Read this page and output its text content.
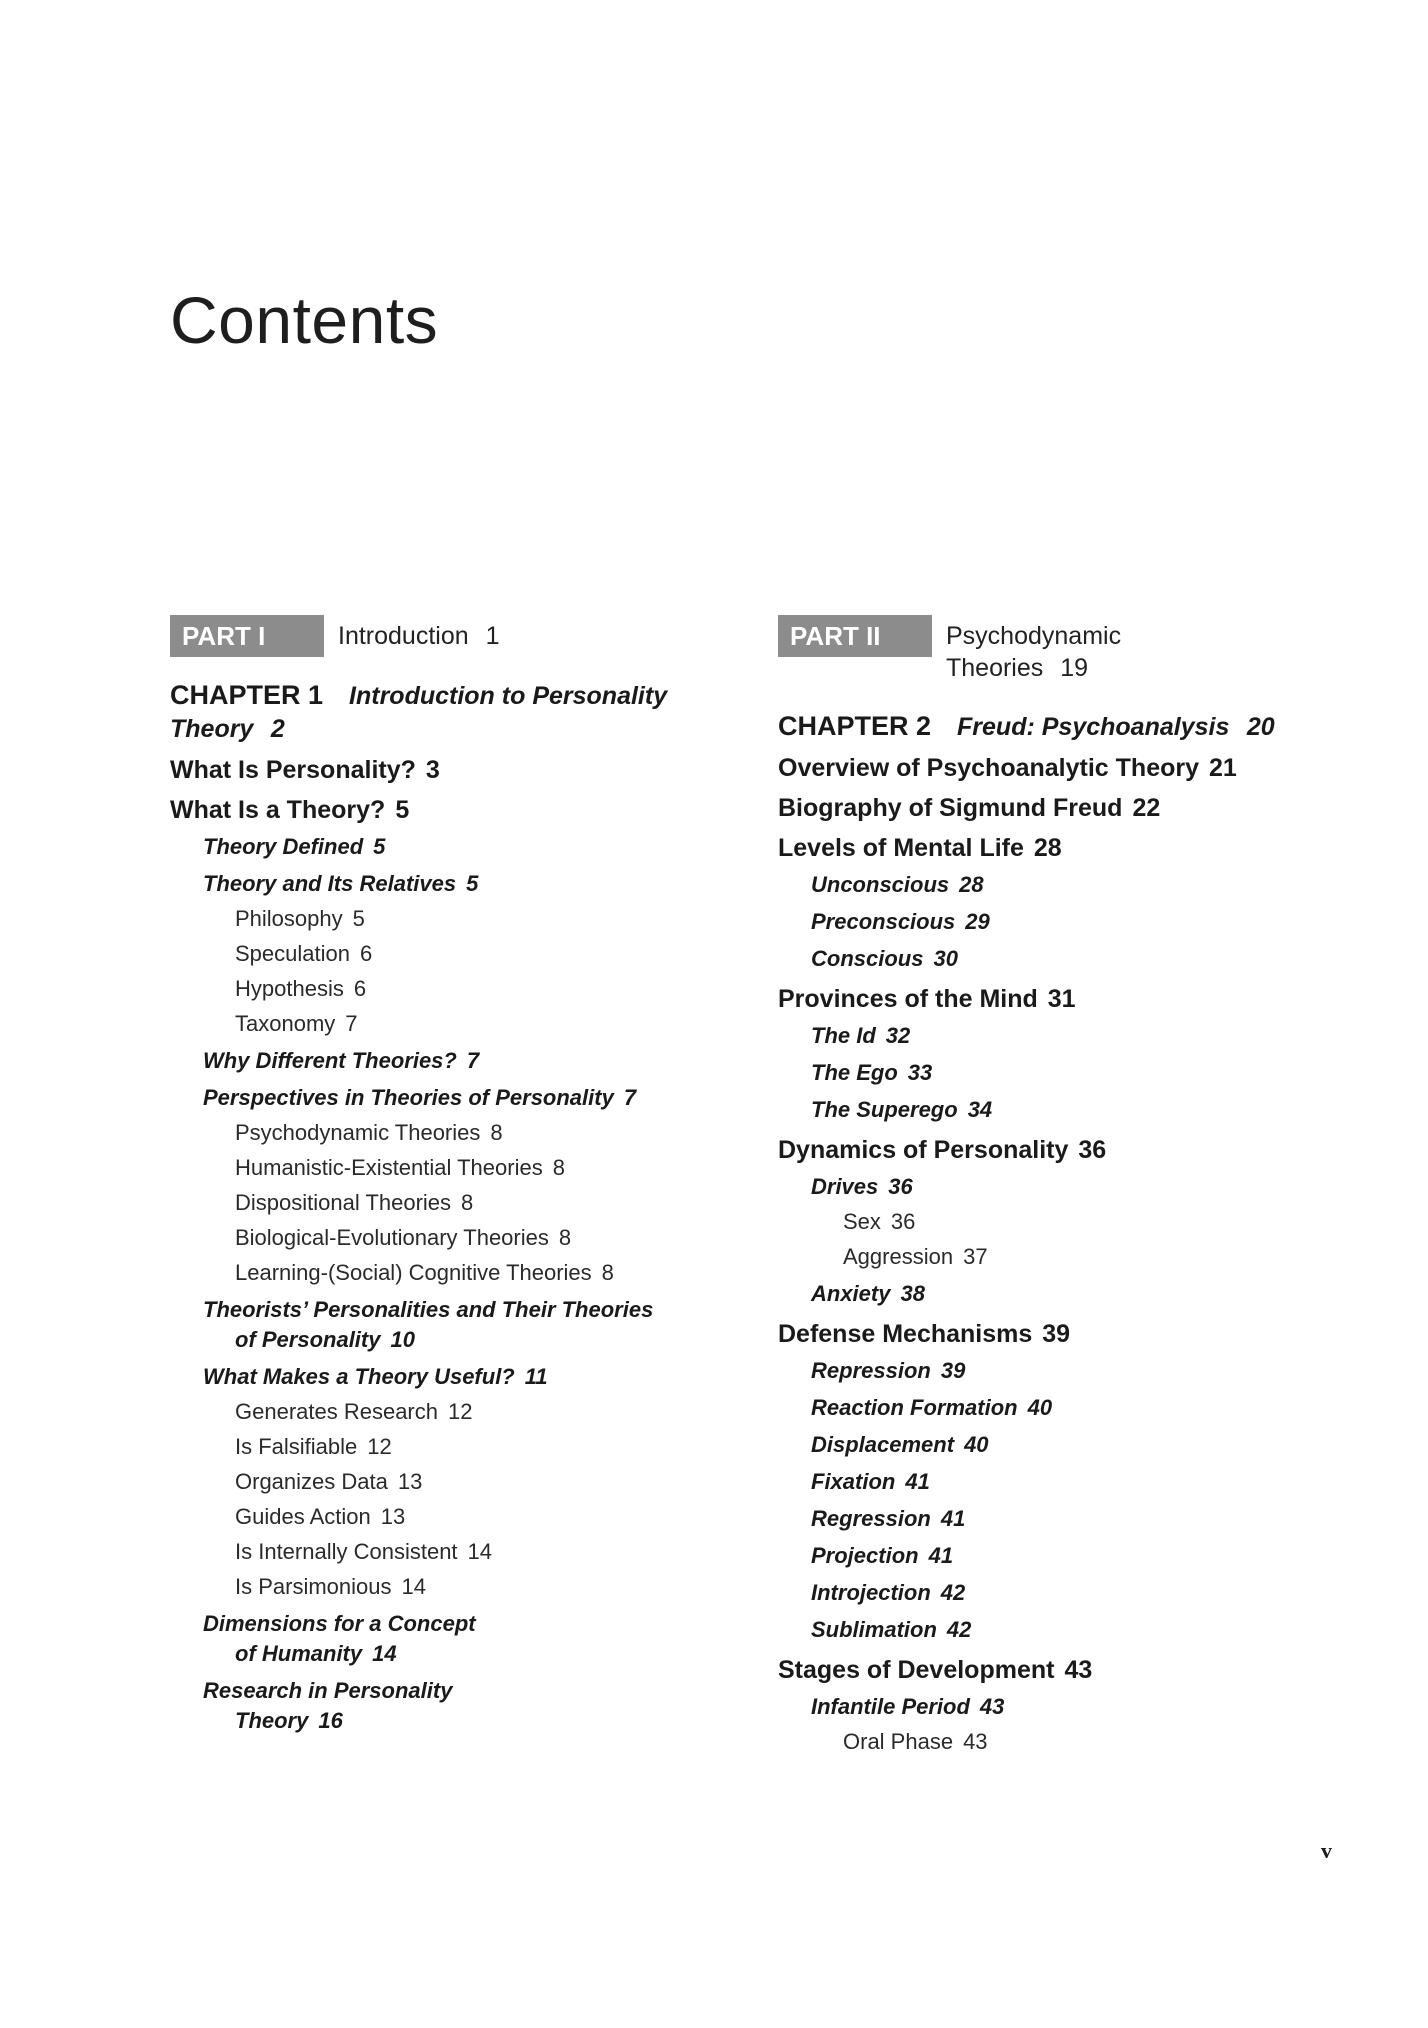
Contents
PART I	Introduction 1
CHAPTER 1 Introduction to Personality
Theory 2
What Is Personality? 3
What Is a Theory? 5
Theory Defined 5
Theory and Its Relatives 5
Philosophy 5
Speculation 6
Hypothesis 6
Taxonomy 7
Why Different Theories? 7
Perspectives in Theories of Personality 7
Psychodynamic Theories 8
Humanistic-Existential Theories 8
Dispositional Theories 8
Biological-Evolutionary Theories 8
Learning-(Social) Cognitive Theories 8
Theorists’ Personalities and Their Theories
of Personality 10
What Makes a Theory Useful? 11
Generates Research 12
Is Falsifiable 12
Organizes Data 13
Guides Action 13
Is Internally Consistent 14
Is Parsimonious 14
Dimensions for a Concept
of Humanity 14
Research in Personality
Theory 16
PART II	Psychodynamic Theories 19
CHAPTER 2 Freud: Psychoanalysis 20
Overview of Psychoanalytic Theory 21
Biography of Sigmund Freud 22
Levels of Mental Life 28
Unconscious 28
Preconscious 29
Conscious 30
Provinces of the Mind 31
The Id 32
The Ego 33
The Superego 34
Dynamics of Personality 36
Drives 36
Sex 36
Aggression 37
Anxiety 38
Defense Mechanisms 39
Repression 39
Reaction Formation 40
Displacement 40
Fixation 41
Regression 41
Projection 41
Introjection 42
Sublimation 42
Stages of Development 43
Infantile Period 43
Oral Phase 43
v
